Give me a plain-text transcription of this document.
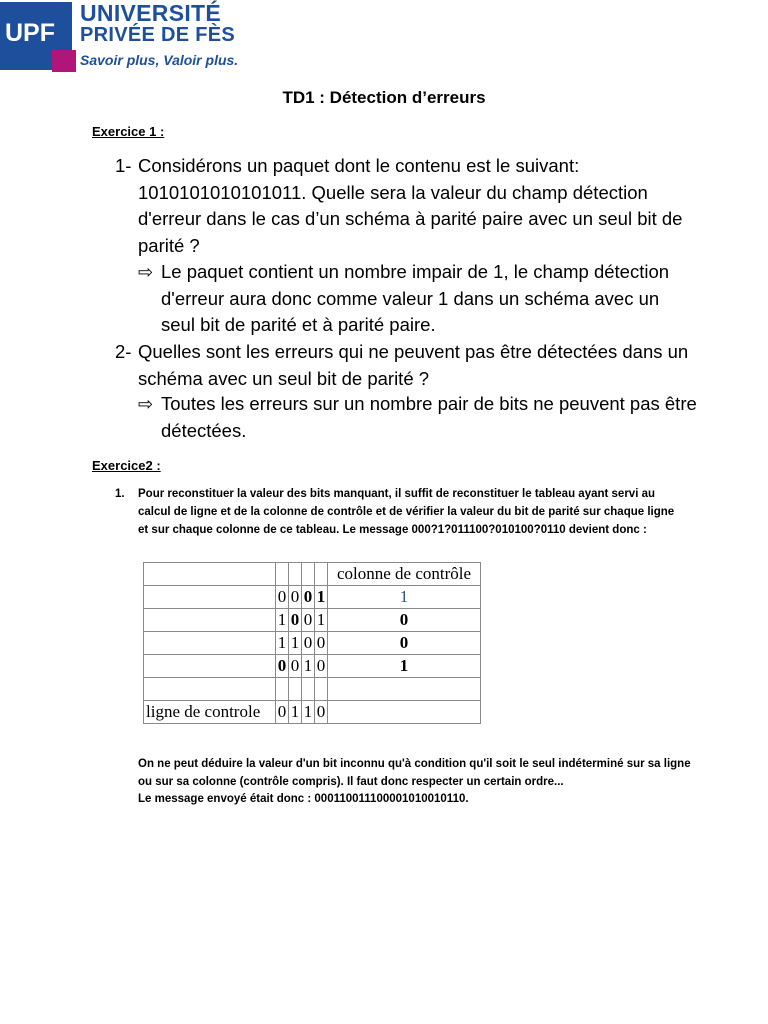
UPF
UNIVERSITÉ
PRIVÉE DE FÈS
Savoir plus, Valoir plus.
TD1 : Détection d’erreurs
Exercice 1 :
1- Considérons un paquet dont le contenu est le suivant: 1010101010101011. Quelle sera la valeur du champ détection d'erreur dans le cas d’un schéma à parité paire avec un seul bit de parité ?
⇨ Le paquet contient un nombre impair de 1, le champ détection d'erreur aura donc comme valeur 1 dans un schéma avec un seul bit de parité et à parité paire.
2- Quelles sont les erreurs qui ne peuvent pas être détectées dans un schéma avec un seul bit de parité ?
⇨ Toutes les erreurs sur un nombre pair de bits ne peuvent pas être détectées.
Exercice2 :
1.	Pour reconstituer la valeur des bits manquant, il suffit de reconstituer le tableau ayant servi au calcul de ligne et de la colonne de contrôle et de vérifier la valeur du bit de parité sur chaque ligne et sur chaque colonne de ce tableau. Le message 000?1?011100?010100?0110 devient donc :
					colonne de contrôle
	0	0	0	1	1
	1	0	0	1	0
	1	1	0	0	0
	0	0	1	0	1

ligne de controle	0	1	1	0	
On ne peut déduire la valeur d'un bit inconnu qu'à condition qu'il soit le seul indéterminé sur sa ligne ou sur sa colonne (contrôle compris). Il faut donc respecter un certain ordre...
Le message envoyé était donc : 000110011100001010010110.
